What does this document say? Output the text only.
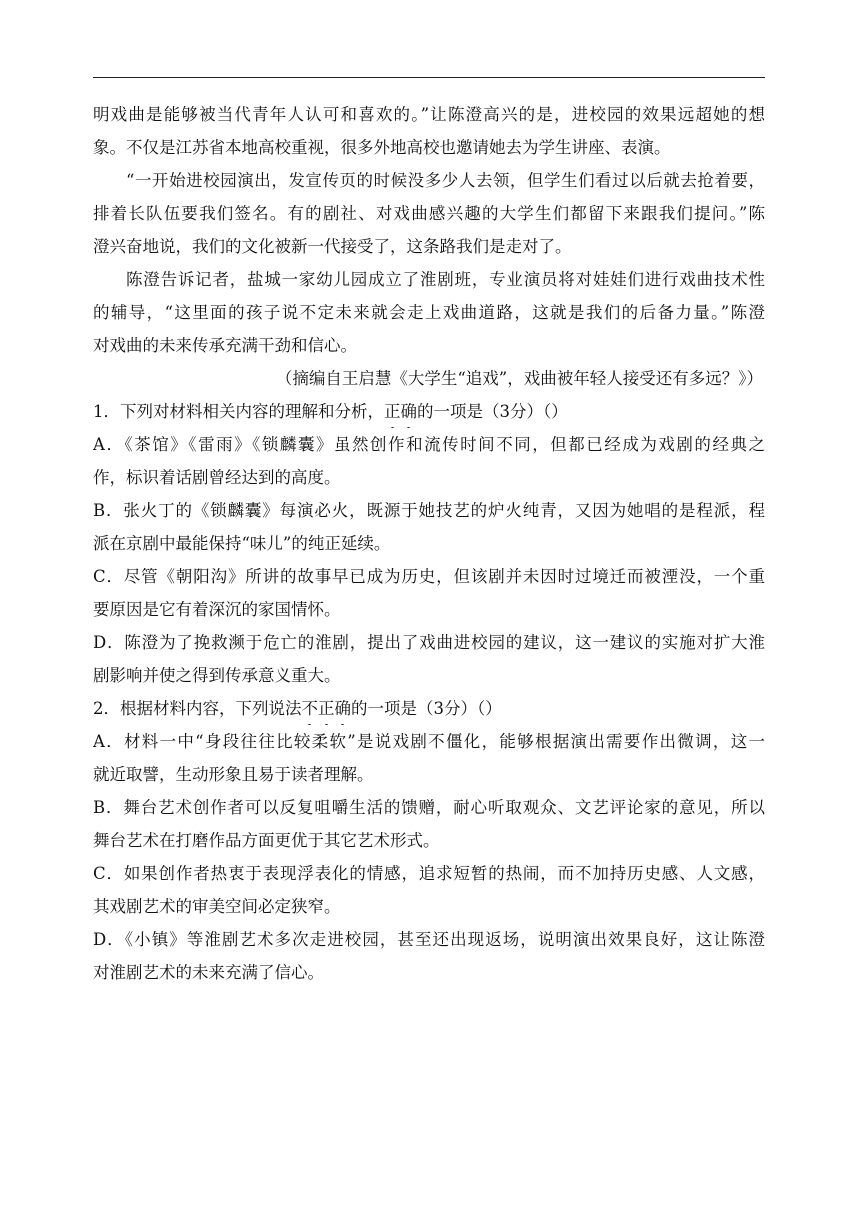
明戏曲是能够被当代青年人认可和喜欢的。”让陈澄高兴的是，进校园的效果远超她的想
象。不仅是江苏省本地高校重视，很多外地高校也邀请她去为学生讲座、表演。
“一开始进校园演出，发宣传页的时候没多少人去领，但学生们看过以后就去抢着要，
排着长队伍要我们签名。有的剧社、对戏曲感兴趣的大学生们都留下来跟我们提问。”陈
澄兴奋地说，我们的文化被新一代接受了，这条路我们是走对了。
陈澄告诉记者，盐城一家幼儿园成立了淮剧班，专业演员将对娃娃们进行戏曲技术性
的辅导，“这里面的孩子说不定未来就会走上戏曲道路，这就是我们的后备力量。”陈澄
对戏曲的未来传承充满干劲和信心。
（摘编自王启慧《大学生“追戏”，戏曲被年轻人接受还有多远？》）
1．下列对材料相关内容的理解和分析，正确的一项是（3分）（）
A．《茶馆》《雷雨》《锁麟囊》虽然创作和流传时间不同，但都已经成为戏剧的经典之
作，标识着话剧曾经达到的高度。
B．张火丁的《锁麟囊》每演必火，既源于她技艺的炉火纯青，又因为她唱的是程派，程
派在京剧中最能保持“味儿”的纯正延续。
C．尽管《朝阳沟》所讲的故事早已成为历史，但该剧并未因时过境迁而被湮没，一个重
要原因是它有着深沉的家国情怀。
D．陈澄为了挽救濒于危亡的淮剧，提出了戏曲进校园的建议，这一建议的实施对扩大淮
剧影响并使之得到传承意义重大。
2．根据材料内容，下列说法不正确的一项是（3分）（）
A．材料一中“身段往往比较柔软”是说戏剧不僵化，能够根据演出需要作出微调，这一
就近取譬，生动形象且易于读者理解。
B．舞台艺术创作者可以反复咀嚼生活的馈赠，耐心听取观众、文艺评论家的意见，所以
舞台艺术在打磨作品方面更优于其它艺术形式。
C．如果创作者热衷于表现浮表化的情感，追求短暂的热闹，而不加持历史感、人文感，
其戏剧艺术的审美空间必定狭窄。
D．《小镇》等淮剧艺术多次走进校园，甚至还出现返场，说明演出效果良好，这让陈澄
对淮剧艺术的未来充满了信心。
